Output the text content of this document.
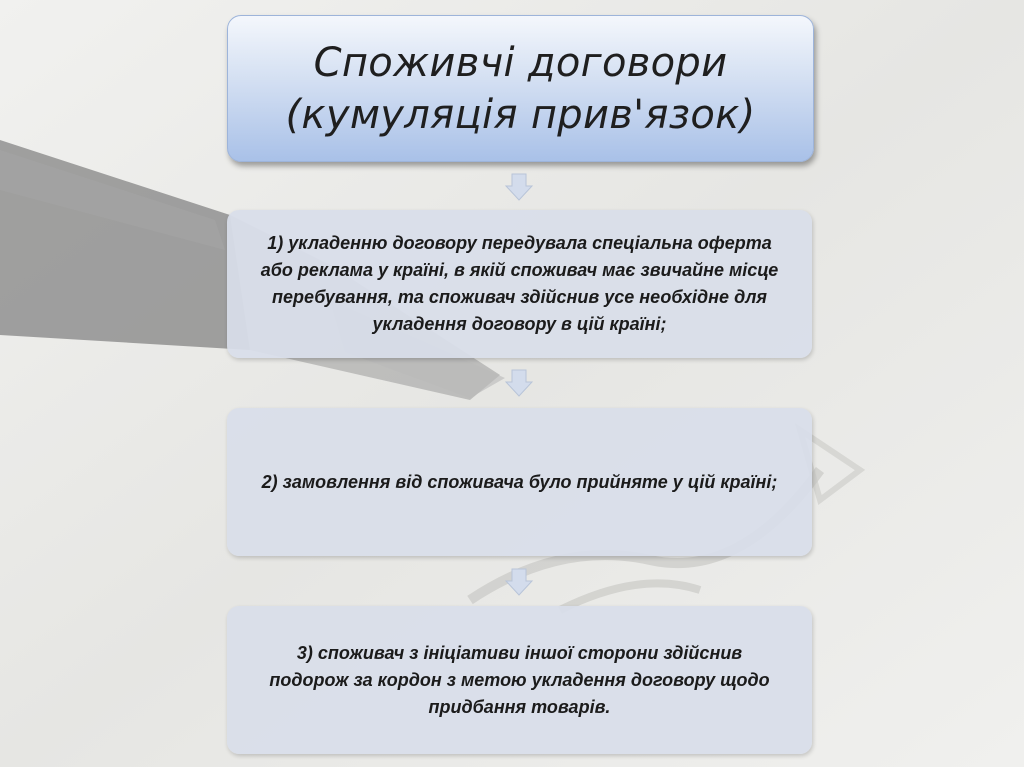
Споживчі договори
(кумуляція прив'язок)
1) укладенню договору передувала спеціальна оферта або реклама у країні, в якій споживач має звичайне місце перебування, та споживач здійснив усе необхідне для укладення договору в цій країні;
2) замовлення від споживача було прийняте у цій країні;
3) споживач з ініціативи іншої сторони здійснив подорож за кордон з метою укладення договору щодо придбання товарів.
